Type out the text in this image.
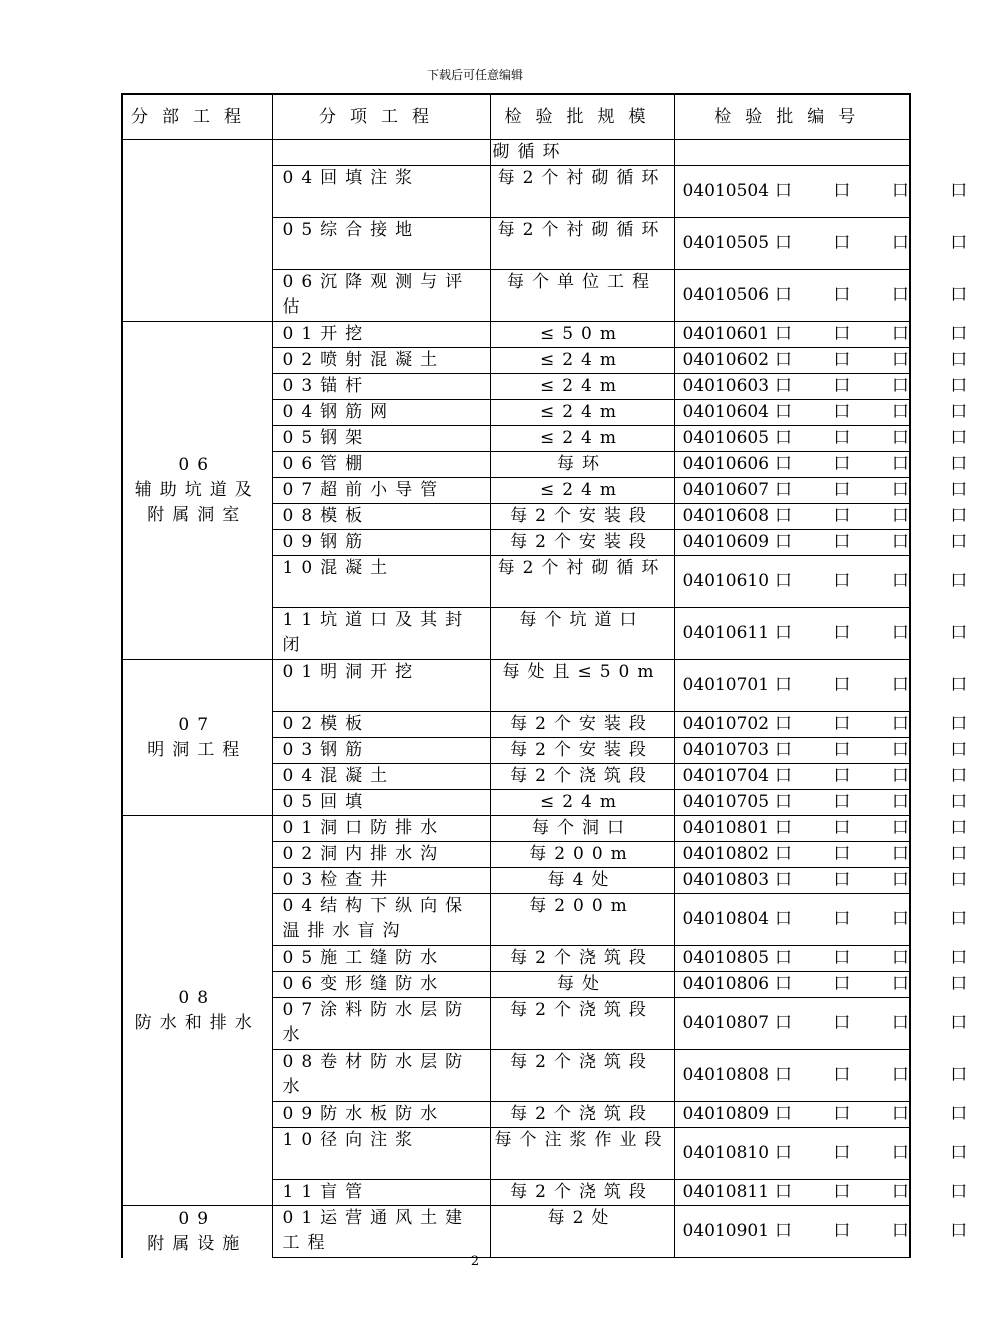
下载后可任意编辑
分部工程	分项工程	检验批规模	检验批编号
		砌循环	
	04回填注浆	每2个衬砌循环	04010504 口 口 口 口
	05综合接地	每2个衬砌循环	04010505 口 口 口 口
	06沉降观测与评估	每个单位工程	04010506 口 口 口 口
06
辅助坑道及附属洞室	01开挖	≤50m	04010601 口 口 口 口
	02喷射混凝土	≤24m	04010602 口 口 口 口
	03锚杆	≤24m	04010603 口 口 口 口
	04钢筋网	≤24m	04010604 口 口 口 口
	05钢架	≤24m	04010605 口 口 口 口
	06管棚	每环	04010606 口 口 口 口
	07超前小导管	≤24m	04010607 口 口 口 口
	08模板	每2个安装段	04010608 口 口 口 口
	09钢筋	每2个安装段	04010609 口 口 口 口
	10混凝土	每2个衬砌循环	04010610 口 口 口 口
	11坑道口及其封闭	每个坑道口	04010611 口 口 口 口
07
明洞工程	01明洞开挖	每处且≤50m	04010701 口 口 口 口
	02模板	每2个安装段	04010702 口 口 口 口
	03钢筋	每2个安装段	04010703 口 口 口 口
	04混凝土	每2个浇筑段	04010704 口 口 口 口
	05回填	≤24m	04010705 口 口 口 口
08
防水和排水	01洞口防排水	每个洞口	04010801 口 口 口 口
	02洞内排水沟	每200m	04010802 口 口 口 口
	03检查井	每4处	04010803 口 口 口 口
	04结构下纵向保温排水盲沟	每200m	04010804 口 口 口 口
	05施工缝防水	每2个浇筑段	04010805 口 口 口 口
	06变形缝防水	每处	04010806 口 口 口 口
	07涂料防水层防水	每2个浇筑段	04010807 口 口 口 口
	08卷材防水层防水	每2个浇筑段	04010808 口 口 口 口
	09防水板防水	每2个浇筑段	04010809 口 口 口 口
	10径向注浆	每个注浆作业段	04010810 口 口 口 口
	11盲管	每2个浇筑段	04010811 口 口 口 口
09
附属设施	01运营通风土建工程	每2处	04010901 口 口 口 口
2
